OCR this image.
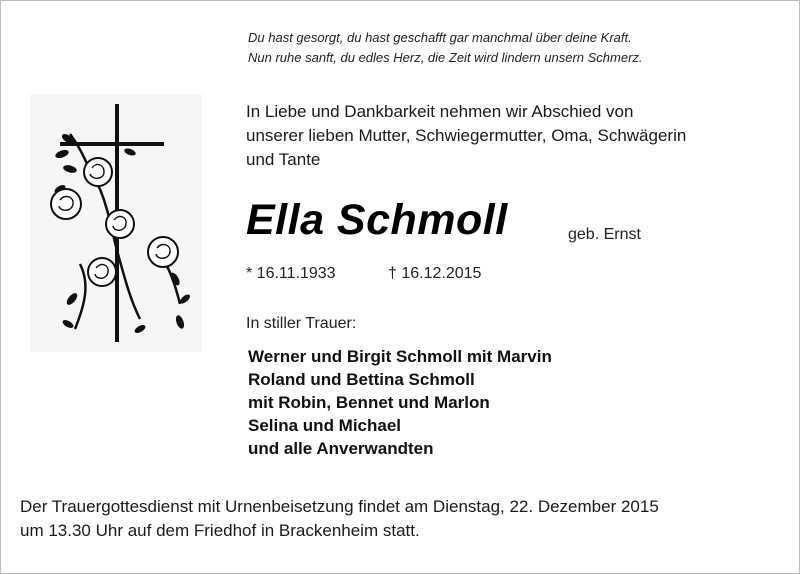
Du hast gesorgt, du hast geschafft gar manchmal über deine Kraft.
Nun ruhe sanft, du edles Herz, die Zeit wird lindern unsern Schmerz.
In Liebe und Dankbarkeit nehmen wir Abschied von
unserer lieben Mutter, Schwiegermutter, Oma, Schwägerin
und Tante
Ella Schmoll	geb. Ernst
* 16.11.1933	† 16.12.2015
In stiller Trauer:
Werner und Birgit Schmoll mit Marvin
Roland und Bettina Schmoll
mit Robin, Bennet und Marlon
Selina und Michael
und alle Anverwandten
Der Trauergottesdienst mit Urnenbeisetzung findet am Dienstag, 22. Dezember 2015
um 13.30 Uhr auf dem Friedhof in Brackenheim statt.
